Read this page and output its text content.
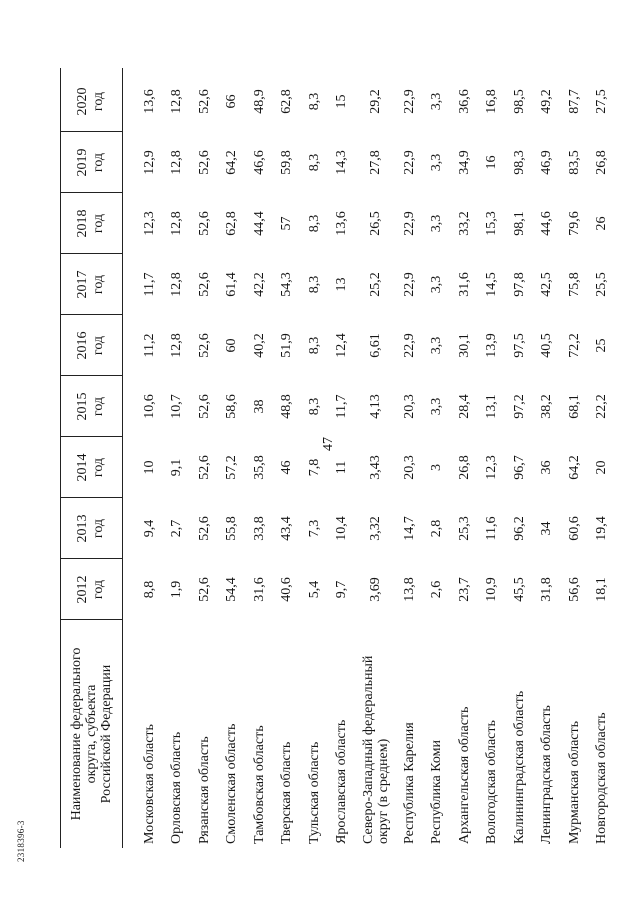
47
2318396-3
Наименование федерального округа, субъекта Российской Федерации
2012 год
2013 год
2014 год
2015 год
2016 год
2017 год
2018 год
2019 год
2020 год
Московская область
8,8
9,4
10
10,6
11,2
11,7
12,3
12,9
13,6
Орловская область
1,9
2,7
9,1
10,7
12,8
12,8
12,8
12,8
12,8
Рязанская область
52,6
52,6
52,6
52,6
52,6
52,6
52,6
52,6
52,6
Смоленская область
54,4
55,8
57,2
58,6
60
61,4
62,8
64,2
66
Тамбовская область
31,6
33,8
35,8
38
40,2
42,2
44,4
46,6
48,9
Тверская область
40,6
43,4
46
48,8
51,9
54,3
57
59,8
62,8
Тульская область
5,4
7,3
7,8
8,3
8,3
8,3
8,3
8,3
8,3
Ярославская область
9,7
10,4
11
11,7
12,4
13
13,6
14,3
15
Северо-Западный федеральный округ (в среднем)
3,69
3,32
3,43
4,13
6,61
25,2
26,5
27,8
29,2
Республика Карелия
13,8
14,7
20,3
20,3
22,9
22,9
22,9
22,9
22,9
Республика Коми
2,6
2,8
3
3,3
3,3
3,3
3,3
3,3
3,3
Архангельская область
23,7
25,3
26,8
28,4
30,1
31,6
33,2
34,9
36,6
Вологодская область
10,9
11,6
12,3
13,1
13,9
14,5
15,3
16
16,8
Калининградская область
45,5
96,2
96,7
97,2
97,5
97,8
98,1
98,3
98,5
Ленинградская область
31,8
34
36
38,2
40,5
42,5
44,6
46,9
49,2
Мурманская область
56,6
60,6
64,2
68,1
72,2
75,8
79,6
83,5
87,7
Новгородская область
18,1
19,4
20
22,2
25
25,5
26
26,8
27,5
